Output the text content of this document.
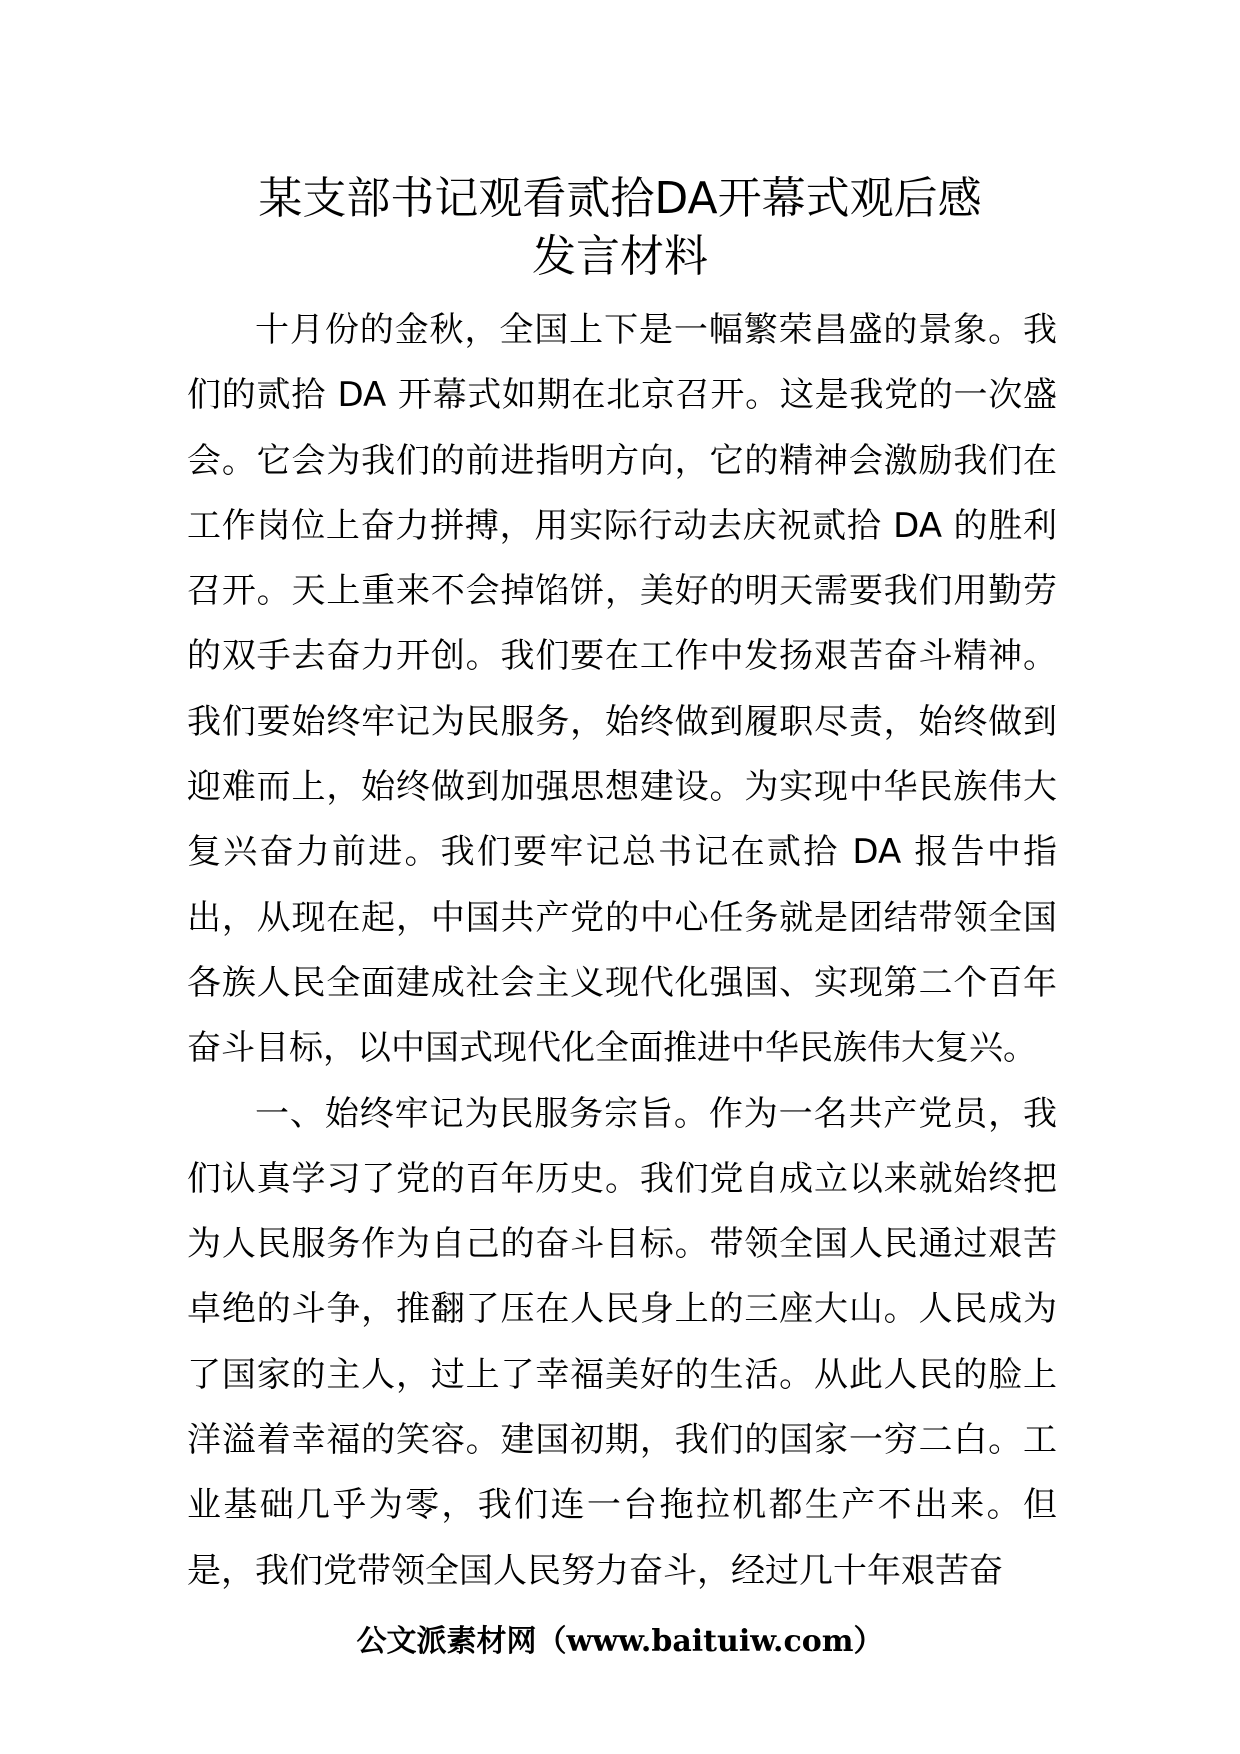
某支部书记观看贰拾DA开幕式观后感
发言材料

十月份的金秋，全国上下是一幅繁荣昌盛的景象。我们的贰拾 DA 开幕式如期在北京召开。这是我党的一次盛会。它会为我们的前进指明方向，它的精神会激励我们在工作岗位上奋力拼搏，用实际行动去庆祝贰拾 DA 的胜利召开。天上重来不会掉馅饼，美好的明天需要我们用勤劳的双手去奋力开创。我们要在工作中发扬艰苦奋斗精神。我们要始终牢记为民服务，始终做到履职尽责，始终做到迎难而上，始终做到加强思想建设。为实现中华民族伟大复兴奋力前进。我们要牢记总书记在贰拾 DA 报告中指出，从现在起，中国共产党的中心任务就是团结带领全国各族人民全面建成社会主义现代化强国、实现第二个百年奋斗目标，以中国式现代化全面推进中华民族伟大复兴。

一、始终牢记为民服务宗旨。作为一名共产党员，我们认真学习了党的百年历史。我们党自成立以来就始终把为人民服务作为自己的奋斗目标。带领全国人民通过艰苦卓绝的斗争，推翻了压在人民身上的三座大山。人民成为了国家的主人，过上了幸福美好的生活。从此人民的脸上洋溢着幸福的笑容。建国初期，我们的国家一穷二白。工业基础几乎为零，我们连一台拖拉机都生产不出来。但是，我们党带领全国人民努力奋斗，经过几十年艰苦奋

公文派素材网（www.baituiw.com）
